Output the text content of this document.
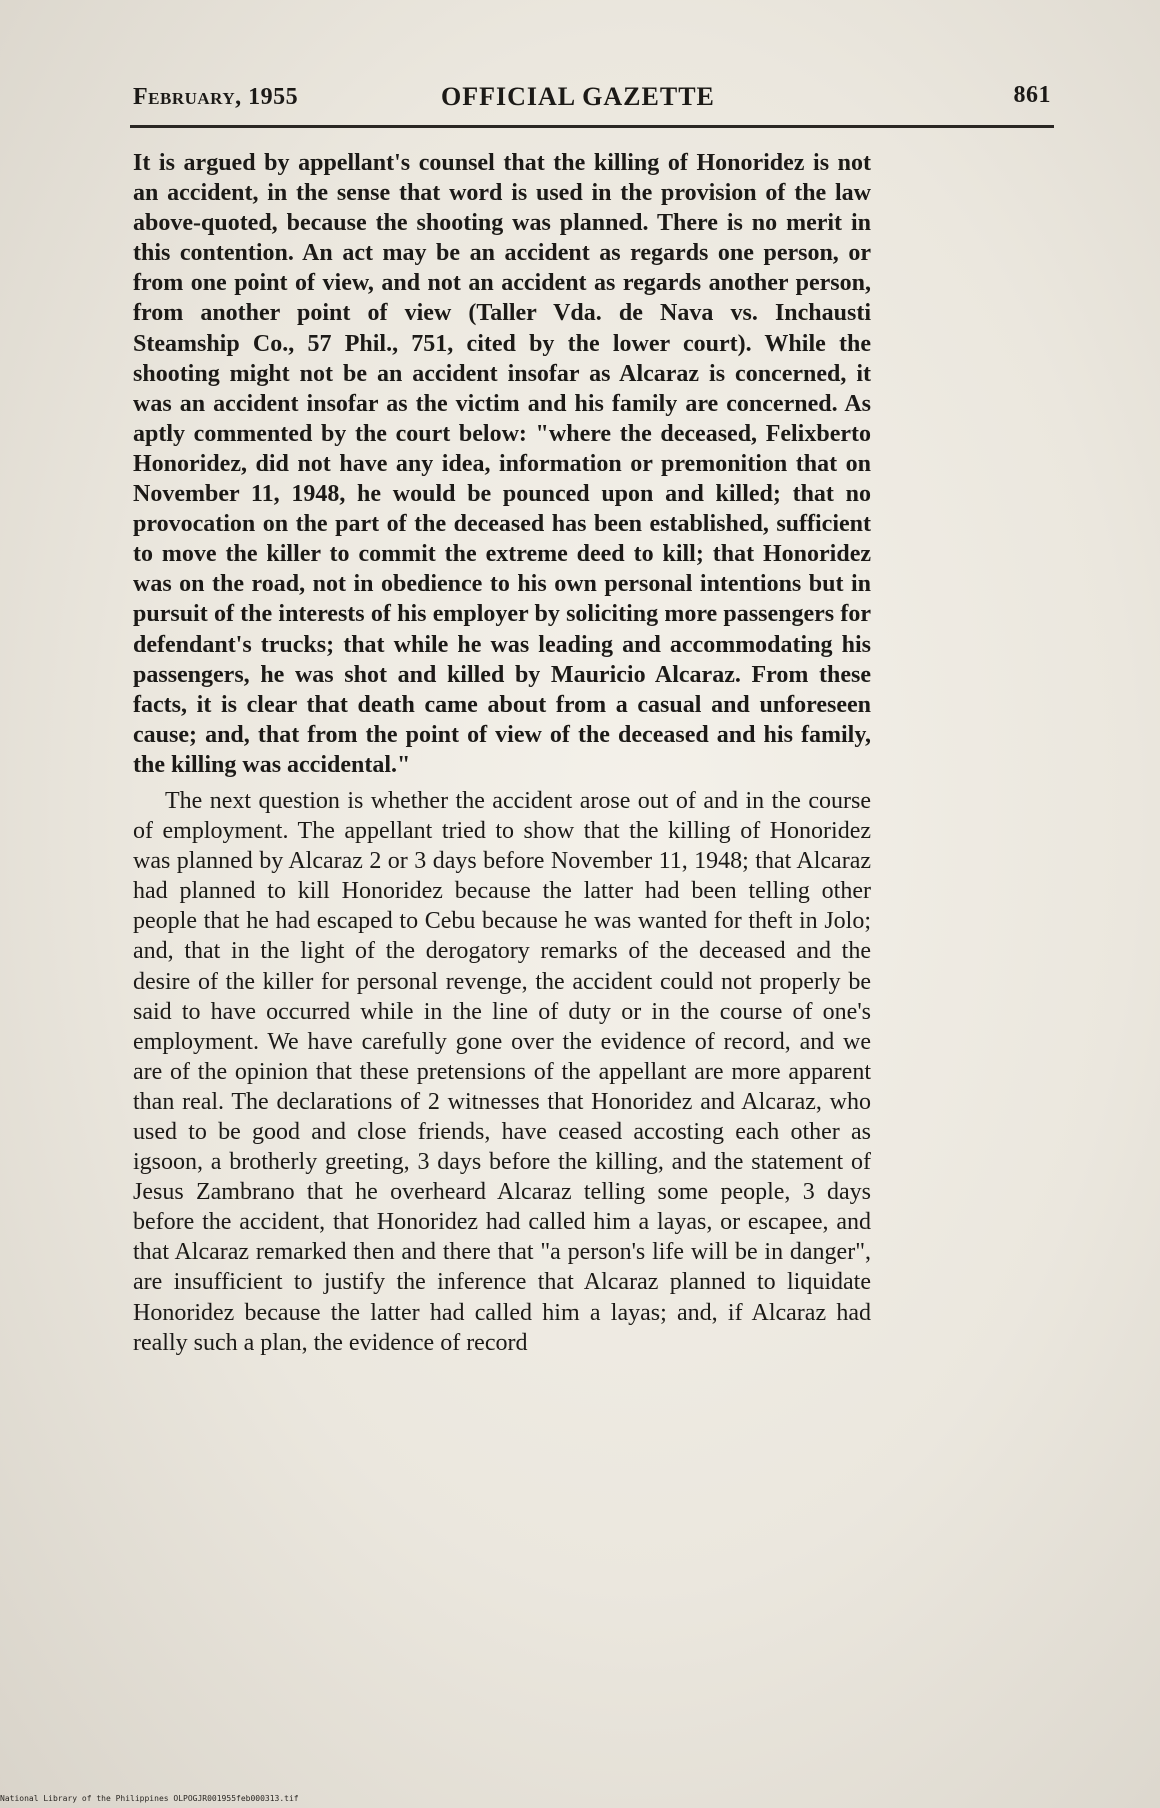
February, 1955	OFFICIAL GAZETTE	861

It is argued by appellant's counsel that the killing of Honoridez is not an accident, in the sense that word is used in the provision of the law above-quoted, because the shooting was planned. There is no merit in this contention. An act may be an accident as regards one person, or from one point of view, and not an accident as regards another person, from another point of view (Taller Vda. de Nava vs. Inchausti Steamship Co., 57 Phil., 751, cited by the lower court). While the shooting might not be an accident insofar as Alcaraz is concerned, it was an accident insofar as the victim and his family are concerned. As aptly commented by the court below: "where the deceased, Felixberto Honoridez, did not have any idea, information or premonition that on November 11, 1948, he would be pounced upon and killed; that no provocation on the part of the deceased has been established, sufficient to move the killer to commit the extreme deed to kill; that Honoridez was on the road, not in obedience to his own personal intentions but in pursuit of the interests of his employer by soliciting more passengers for defendant's trucks; that while he was leading and accommodating his passengers, he was shot and killed by Mauricio Alcaraz. From these facts, it is clear that death came about from a casual and unforeseen cause; and, that from the point of view of the deceased and his family, the killing was accidental."

The next question is whether the accident arose out of and in the course of employment. The appellant tried to show that the killing of Honoridez was planned by Alcaraz 2 or 3 days before November 11, 1948; that Alcaraz had planned to kill Honoridez because the latter had been telling other people that he had escaped to Cebu because he was wanted for theft in Jolo; and, that in the light of the derogatory remarks of the deceased and the desire of the killer for personal revenge, the accident could not properly be said to have occurred while in the line of duty or in the course of one's employment. We have carefully gone over the evidence of record, and we are of the opinion that these pretensions of the appellant are more apparent than real. The declarations of 2 witnesses that Honoridez and Alcaraz, who used to be good and close friends, have ceased accosting each other as igsoon, a brotherly greeting, 3 days before the killing, and the statement of Jesus Zambrano that he overheard Alcaraz telling some people, 3 days before the accident, that Honoridez had called him a layas, or escapee, and that Alcaraz remarked then and there that "a person's life will be in danger", are insufficient to justify the inference that Alcaraz planned to liquidate Honoridez because the latter had called him a layas; and, if Alcaraz had really such a plan, the evidence of record

National Library of the Philippines OLPOGJR001955feb000313.tif
